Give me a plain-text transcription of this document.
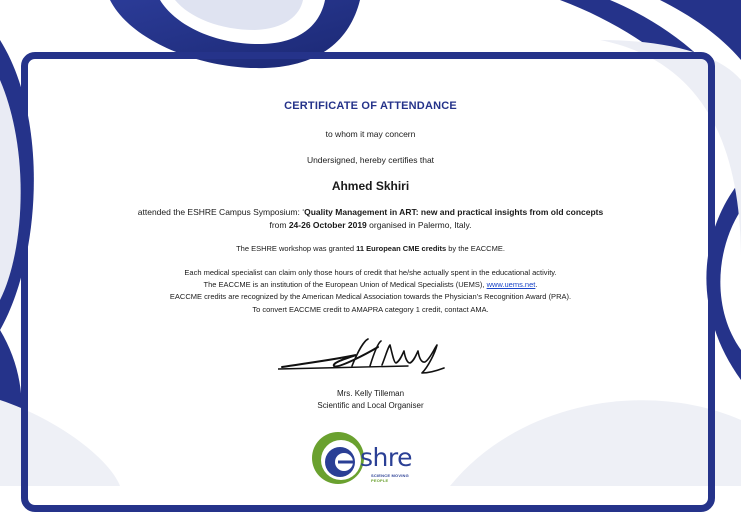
CERTIFICATE OF ATTENDANCE
to whom it may concern
Undersigned, hereby certifies that
Ahmed Skhiri
attended the ESHRE Campus Symposium: ‘Quality Management in ART: new and practical insights from old concepts
from 24-26 October 2019 organised in Palermo, Italy.
The ESHRE workshop was granted 11 European CME credits by the EACCME.
Each medical specialist can claim only those hours of credit that he/she actually spent in the educational activity.
The EACCME is an institution of the European Union of Medical Specialists (UEMS), www.uems.net.
EACCME credits are recognized by the American Medical Association towards the Physician’s Recognition Award (PRA).
To convert EACCME credit to AMAPRA category 1 credit, contact AMA.
Mrs. Kelly Tilleman
Scientific and Local Organiser
shre
SCIENCE MOVING
PEOPLE
